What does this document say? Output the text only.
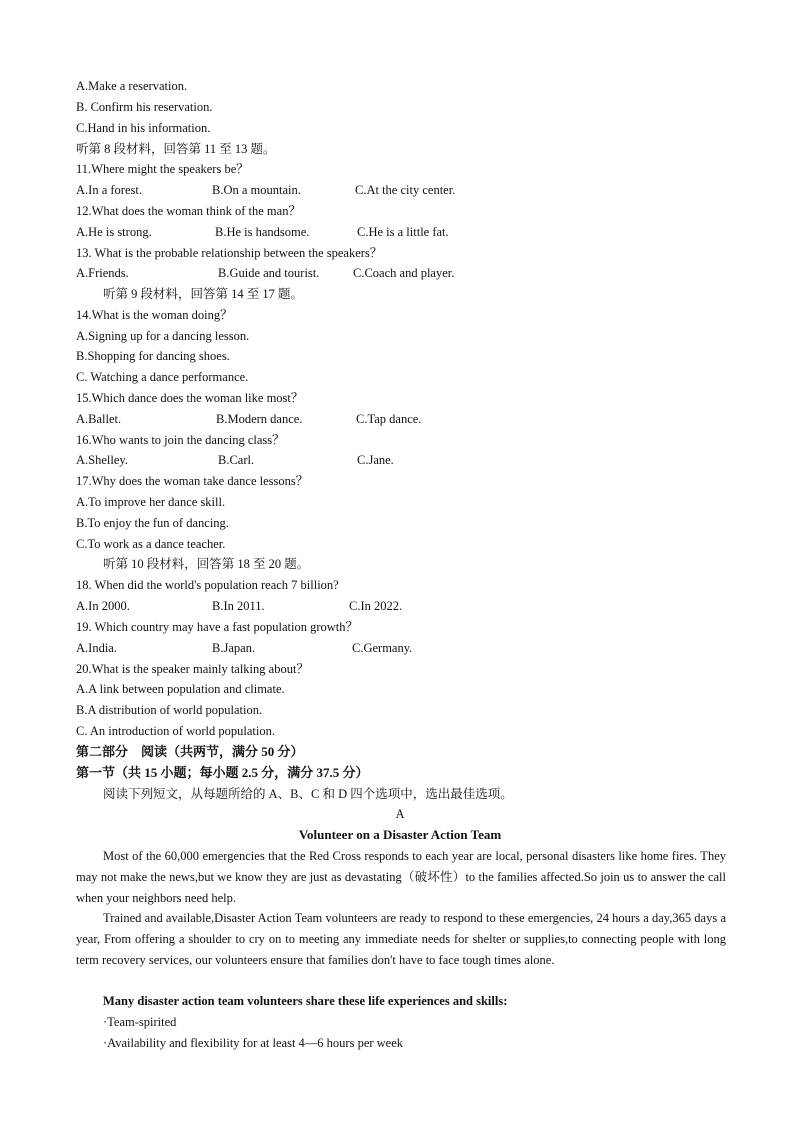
A.Make a reservation.
B. Confirm his reservation.
C.Hand in his information.
听第 8 段材料，回答第 11 至 13 题。
11.Where might the speakers be？
A.In a forest.	B.On a mountain.	C.At the city center.
12.What does the woman think of the man？
A.He is strong.	B.He is handsome.	C.He is a little fat.
13. What is the probable relationship between the speakers？
A.Friends.	B.Guide and tourist.	C.Coach and player.
听第 9 段材料，回答第 14 至 17 题。
14.What is the woman doing？
A.Signing up for a dancing lesson.
B.Shopping for dancing shoes.
C. Watching a dance performance.
15.Which dance does the woman like most？
A.Ballet.	B.Modern dance.	C.Tap dance.
16.Who wants to join the dancing class？
A.Shelley.	B.Carl.	C.Jane.
17.Why does the woman take dance lessons？
A.To improve her dance skill.
B.To enjoy the fun of dancing.
C.To work as a dance teacher.
听第 10 段材料，回答第 18 至 20 题。
18. When did the world's population reach 7 billion?
A.In 2000.	B.In 2011.	C.In 2022.
19. Which country may have a fast population growth？
A.India.	B.Japan.	C.Germany.
20.What is the speaker mainly talking about？
A.A link between population and climate.
B.A distribution of world population.
C. An introduction of world population.
第二部分　阅读（共两节，满分 50 分）
第一节（共 15 小题；每小题 2.5 分，满分 37.5 分）
阅读下列短文，从每题所给的 A、B、C 和 D 四个选项中，选出最佳选项。
A
Volunteer on a Disaster Action Team
Most of the 60,000 emergencies that the Red Cross responds to each year are local, personal disasters like home fires. They may not make the news,but we know they are just as devastating（破坏性）to the families affected.So join us to answer the call when your neighbors need help.
Trained and available,Disaster Action Team volunteers are ready to respond to these emergencies, 24 hours a day,365 days a year, From offering a shoulder to cry on to meeting any immediate needs for shelter or supplies,to connecting people with long term recovery services, our volunteers ensure that families don't have to face tough times alone.
Many disaster action team volunteers share these life experiences and skills:
·Team-spirited
·Availability and flexibility for at least 4—6 hours per week
